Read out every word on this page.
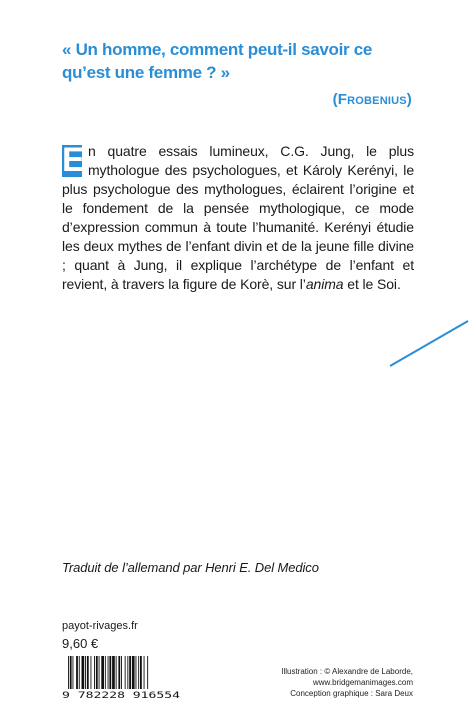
« Un homme, comment peut-il savoir ce qu’est une femme ? »
(Frobenius)
E n quatre essais lumineux, C.G. Jung, le plus mythologue des psychologues, et Károly Kerényi, le plus psychologue des mythologues, éclairent l’origine et le fondement de la pensée mythologique, ce mode d’expression commun à toute l’humanité. Kerényi étudie les deux mythes de l’enfant divin et de la jeune fille divine ; quant à Jung, il explique l’archétype de l’enfant et revient, à travers la figure de Korè, sur l’anima et le Soi.
Traduit de l’allemand par Henri E. Del Medico
payot-rivages.fr
9,60 €
9 782228 916554
Illustration : © Alexandre de Laborde,
www.bridgemanimages.com
Conception graphique : Sara Deux
